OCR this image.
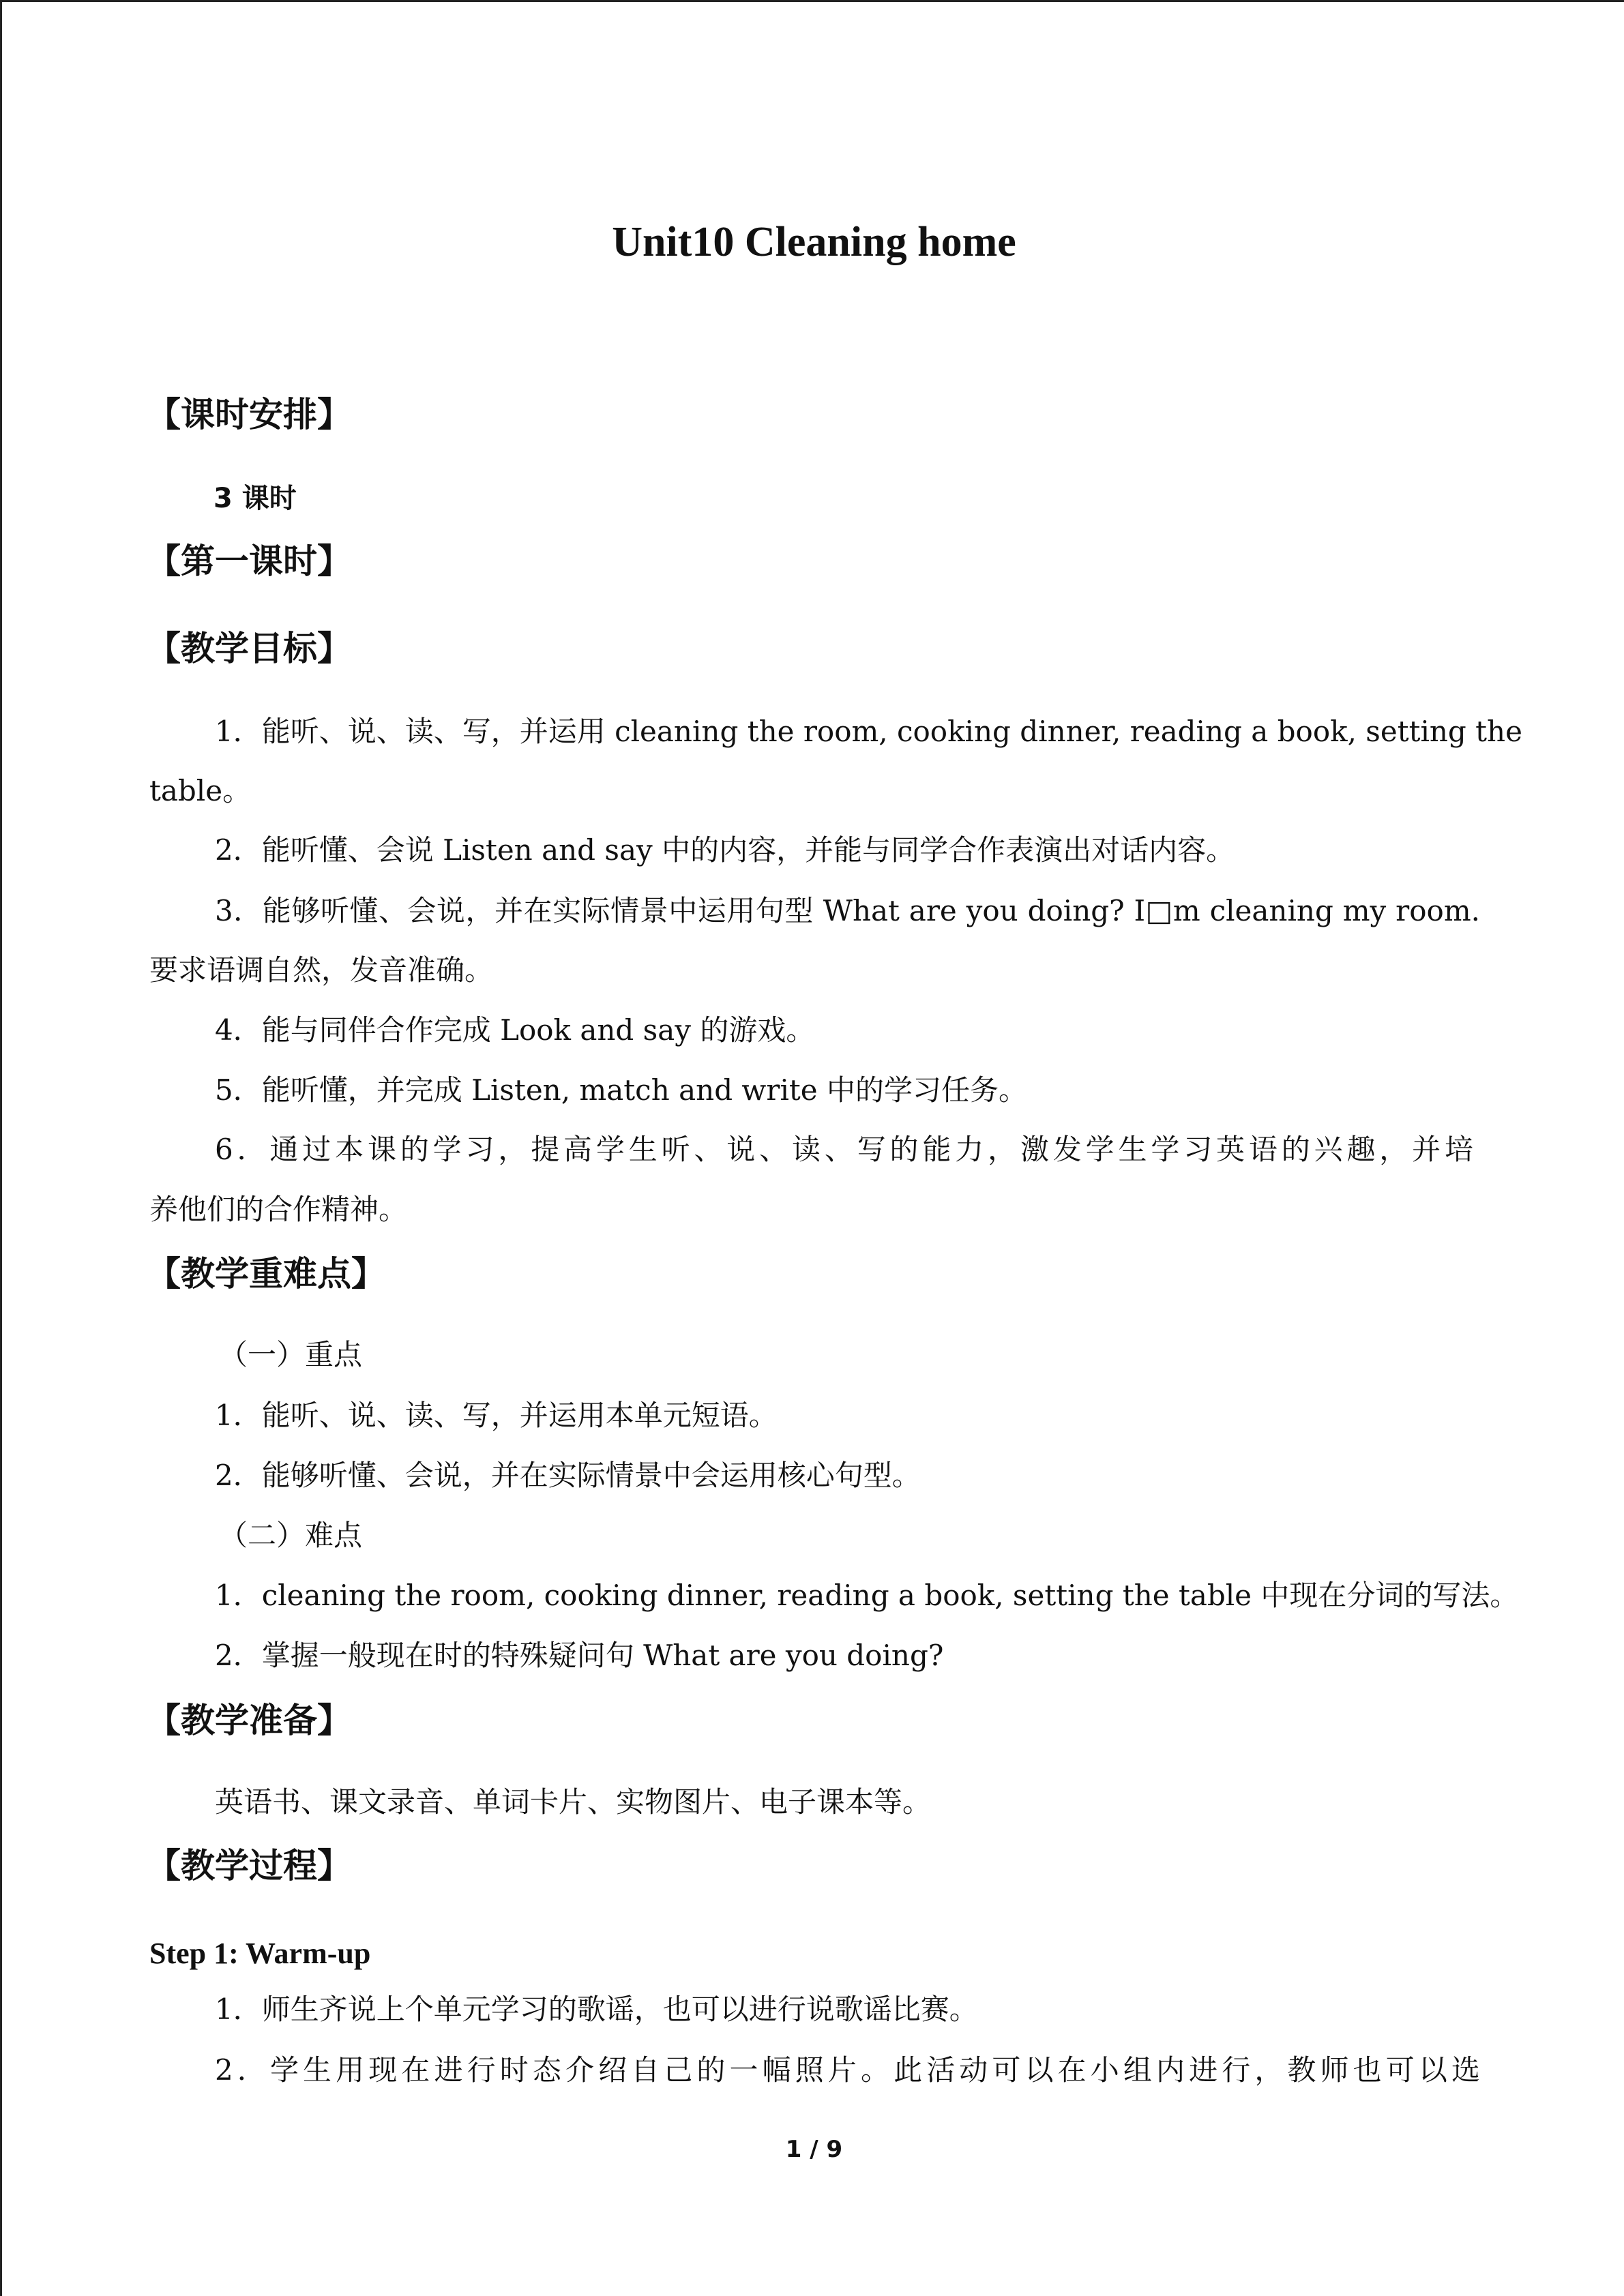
Unit10 Cleaning home
【课时安排】
3 课时
【第一课时】
【教学目标】
1．能听、说、读、写，并运用 cleaning the room, cooking dinner, reading a book, setting the
table。
2．能听懂、会说 Listen and say 中的内容，并能与同学合作表演出对话内容。
3．能够听懂、会说，并在实际情景中运用句型 What are you doing? I□m cleaning my room.
要求语调自然，发音准确。
4．能与同伴合作完成 Look and say 的游戏。
5．能听懂，并完成 Listen, match and write 中的学习任务。
6．通过本课的学习，提高学生听、说、读、写的能力，激发学生学习英语的兴趣，并培
养他们的合作精神。
【教学重难点】
（一）重点
1．能听、说、读、写，并运用本单元短语。
2．能够听懂、会说，并在实际情景中会运用核心句型。
（二）难点
1．cleaning the room, cooking dinner, reading a book, setting the table 中现在分词的写法。
2．掌握一般现在时的特殊疑问句 What are you doing?
【教学准备】
英语书、课文录音、单词卡片、实物图片、电子课本等。
【教学过程】
Step 1: Warm-up
1．师生齐说上个单元学习的歌谣，也可以进行说歌谣比赛。
2．学生用现在进行时态介绍自己的一幅照片。此活动可以在小组内进行，教师也可以选
1 / 9
